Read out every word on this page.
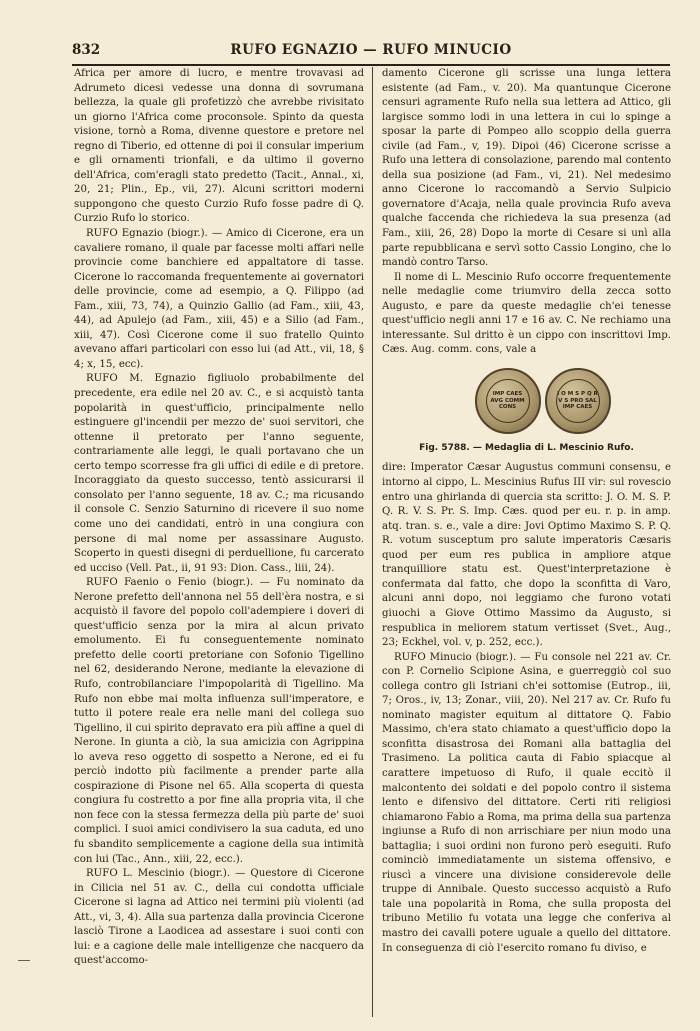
832	RUFO EGNAZIO — RUFO MINUCIO

Africa per amore di lucro, e mentre trovavasi ad Adrumeto dicesi vedesse una donna di sovrumana bellezza, la quale gli profetizzò che avrebbe rivisitato un giorno l'Africa come proconsole. Spinto da questa visione, tornò a Roma, divenne questore e pretore nel regno di Tiberio, ed ottenne di poi il consular imperium e gli ornamenti trionfali, e da ultimo il governo dell'Africa, com'eragli stato predetto (Tacit., Annal., xi, 20, 21; Plin., Ep., vii, 27). Alcuni scrittori moderni suppongono che questo Curzio Rufo fosse padre di Q. Curzio Rufo lo storico.

RUFO Egnazio (biogr.). — Amico di Cicerone, era un cavaliere romano, il quale par facesse molti affari nelle provincie come banchiere ed appaltatore di tasse. Cicerone lo raccomanda frequentemente ai governatori delle provincie, come ad esempio, a Q. Filippo (ad Fam., xiii, 73, 74), a Quinzio Gallio (ad Fam., xiii, 43, 44), ad Apulejo (ad Fam., xiii, 45) e a Silio (ad Fam., xiii, 47). Così Cicerone come il suo fratello Quinto avevano affari particolari con esso lui (ad Att., vii, 18, § 4; x, 15, ecc).

RUFO M. Egnazio figliuolo probabilmente del precedente, era edile nel 20 av. C., e si acquistò tanta popolarità in quest'ufficio, principalmente nello estinguere gl'incendii per mezzo de' suoi servitori, che ottenne il pretorato per l'anno seguente, contrariamente alle leggi, le quali portavano che un certo tempo scorresse fra gli uffici di edile e di pretore. Incoraggiato da questo successo, tentò assicurarsi il consolato per l'anno seguente, 18 av. C.; ma ricusando il console C. Senzio Saturnino di ricevere il suo nome come uno dei candidati, entrò in una congiura con persone di mal nome per assassinare Augusto. Scoperto in questi disegni di perduellione, fu carcerato ed ucciso (Vell. Pat., ii, 91 93: Dion. Cass., liii, 24).

RUFO Faenio o Fenio (biogr.). — Fu nominato da Nerone prefetto dell'annona nel 55 dell'èra nostra, e si acquistò il favore del popolo coll'adempiere i doveri di quest'ufficio senza por la mira al alcun privato emolumento. Ei fu conseguentemente nominato prefetto delle coorti pretoriane con Sofonio Tigellino nel 62, desiderando Nerone, mediante la elevazione di Rufo, controbilanciare l'impopolarità di Tigellino. Ma Rufo non ebbe mai molta influenza sull'imperatore, e tutto il potere reale era nelle mani del collega suo Tigellino, il cui spirito depravato era più affine a quel di Nerone. In giunta a ciò, la sua amicizia con Agrippina lo aveva reso oggetto di sospetto a Nerone, ed ei fu perciò indotto più facilmente a prender parte alla cospirazione di Pisone nel 65. Alla scoperta di questa congiura fu costretto a por fine alla propria vita, il che non fece con la stessa fermezza della più parte de' suoi complici. I suoi amici condivisero la sua caduta, ed uno fu sbandito semplicemente a cagione della sua intimità con lui (Tac., Ann., xiii, 22, ecc.).

RUFO L. Mescinio (biogr.). — Questore di Cicerone in Cilicia nel 51 av. C., della cui condotta ufficiale Cicerone si lagna ad Attico nei termini più violenti (ad Att., vi, 3, 4). Alla sua partenza dalla provincia Cicerone lasciò Tirone a Laodicea ad assestare i suoi conti con lui: e a cagione delle male intelligenze che nacquero da quest'accomo-

damento Cicerone gli scrisse una lunga lettera esistente (ad Fam., v. 20). Ma quantunque Cicerone censuri agramente Rufo nella sua lettera ad Attico, gli largisce sommo lodi in una lettera in cui lo spinge a sposar la parte di Pompeo allo scoppio della guerra civile (ad Fam., v, 19). Dipoi (46) Cicerone scrisse a Rufo una lettera di consolazione, parendo mal contento della sua posizione (ad Fam., vi, 21). Nel medesimo anno Cicerone lo raccomandò a Servio Sulpicio governatore d'Acaja, nella quale provincia Rufo aveva qualche faccenda che richiedeva la sua presenza (ad Fam., xiii, 26, 28) Dopo la morte di Cesare si unì alla parte repubblicana e servì sotto Cassio Longino, che lo mandò contro Tarso.

Il nome di L. Mescinio Rufo occorre frequentemente nelle medaglie come triumviro della zecca sotto Augusto, e pare da queste medaglie ch'ei tenesse quest'ufficio negli anni 17 e 16 av. C. Ne rechiamo una interessante. Sul dritto è un cippo con inscrittovi Imp. Cæs. Aug. comm. cons, vale a

IMP CAES AVG COMM CONS
I O M S P Q R V S PRO SAL IMP CAES
Fig. 5788. — Medaglia di L. Mescinio Rufo.

dire: Imperator Cæsar Augustus communi consensu, e intorno al cippo, L. Mescinius Rufus III vir: sul rovescio entro una ghirlanda di quercia sta scritto: J. O. M. S. P. Q. R. V. S. Pr. S. Imp. Cæs. quod per eu. r. p. in amp. atq. tran. s. e., vale a dire: Jovi Optimo Maximo S. P. Q. R. votum susceptum pro salute imperatoris Cæsaris quod per eum res publica in ampliore atque tranquilliore statu est. Quest'interpretazione è confermata dal fatto, che dopo la sconfitta di Varo, alcuni anni dopo, noi leggiamo che furono votati giuochi a Giove Ottimo Massimo da Augusto, si respublica in meliorem statum vertisset (Svet., Aug., 23; Eckhel, vol. v, p. 252, ecc.).

RUFO Minucio (biogr.). — Fu console nel 221 av. Cr. con P. Cornelio Scipione Asina, e guerreggiò col suo collega contro gli Istriani ch'ei sottomise (Eutrop., iii, 7; Oros., iv, 13; Zonar., viii, 20). Nel 217 av. Cr. Rufo fu nominato magister equitum al dittatore Q. Fabio Massimo, ch'era stato chiamato a quest'ufficio dopo la sconfitta disastrosa dei Romani alla battaglia del Trasimeno. La politica cauta di Fabio spiacque al carattere impetuoso di Rufo, il quale eccitò il malcontento dei soldati e del popolo contro il sistema lento e difensivo del dittatore. Certi riti religiosi chiamarono Fabio a Roma, ma prima della sua partenza ingiunse a Rufo di non arrischiare per niun modo una battaglia; i suoi ordini non furono però eseguiti. Rufo cominciò immediatamente un sistema offensivo, e riuscì a vincere una divisione considerevole delle truppe di Annibale. Questo successo acquistò a Rufo tale una popolarità in Roma, che sulla proposta del tribuno Metilio fu votata una legge che conferiva al mastro dei cavalli potere uguale a quello del dittatore. In conseguenza di ciò l'esercito romano fu diviso, e
